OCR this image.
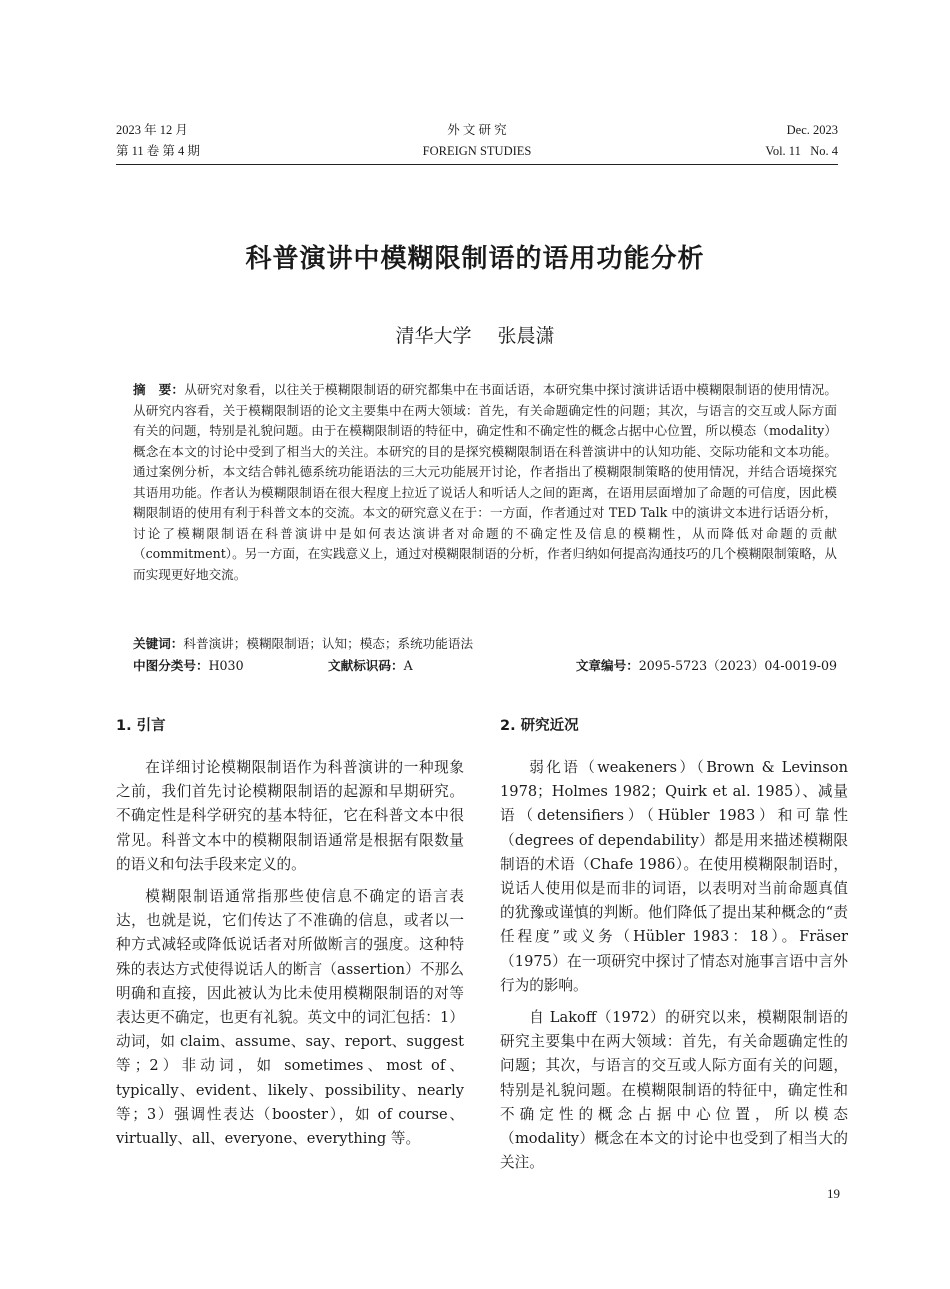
2023 年 12 月
第 11 卷 第 4 期
外 文 研 究
FOREIGN STUDIES
Dec. 2023
Vol. 11   No. 4
科普演讲中模糊限制语的语用功能分析
清华大学 张晨潇
摘　要：从研究对象看，以往关于模糊限制语的研究都集中在书面话语，本研究集中探讨演讲话语中模糊限制语的使用情况。从研究内容看，关于模糊限制语的论文主要集中在两大领域：首先，有关命题确定性的问题；其次，与语言的交互或人际方面有关的问题，特别是礼貌问题。由于在模糊限制语的特征中，确定性和不确定性的概念占据中心位置，所以模态（modality）概念在本文的讨论中受到了相当大的关注。本研究的目的是探究模糊限制语在科普演讲中的认知功能、交际功能和文本功能。通过案例分析，本文结合韩礼德系统功能语法的三大元功能展开讨论，作者指出了模糊限制策略的使用情况，并结合语境探究其语用功能。作者认为模糊限制语在很大程度上拉近了说话人和听话人之间的距离，在语用层面增加了命题的可信度，因此模糊限制语的使用有利于科普文本的交流。本文的研究意义在于：一方面，作者通过对 TED Talk 中的演讲文本进行话语分析，讨论了模糊限制语在科普演讲中是如何表达演讲者对命题的不确定性及信息的模糊性，从而降低对命题的贡献（commitment）。另一方面，在实践意义上，通过对模糊限制语的分析，作者归纳如何提高沟通技巧的几个模糊限制策略，从而实现更好地交流。
关键词：科普演讲；模糊限制语；认知；模态；系统功能语法
中图分类号：H030	文献标识码：A	文章编号：2095-5723（2023）04-0019-09
1. 引言

在详细讨论模糊限制语作为科普演讲的一种现象之前，我们首先讨论模糊限制语的起源和早期研究。不确定性是科学研究的基本特征，它在科普文本中很常见。科普文本中的模糊限制语通常是根据有限数量的语义和句法手段来定义的。

模糊限制语通常指那些使信息不确定的语言表达，也就是说，它们传达了不准确的信息，或者以一种方式减轻或降低说话者对所做断言的强度。这种特殊的表达方式使得说话人的断言（assertion）不那么明确和直接，因此被认为比未使用模糊限制语的对等表达更不确定，也更有礼貌。英文中的词汇包括：1）动词，如 claim、assume、say、report、suggest 等；2）非动词，如 sometimes、most of、typically、evident、likely、possibility、nearly 等；3）强调性表达（booster），如 of course、virtually、all、everyone、everything 等。

2. 研究近况

弱化语（weakeners）（Brown & Levinson 1978；Holmes 1982；Quirk et al. 1985）、减量语（detensifiers）（Hübler 1983）和可靠性（degrees of dependability）都是用来描述模糊限制语的术语（Chafe 1986）。在使用模糊限制语时，说话人使用似是而非的词语，以表明对当前命题真值的犹豫或谨慎的判断。他们降低了提出某种概念的“责任程度”或义务（Hübler 1983：18）。Fräser（1975）在一项研究中探讨了情态对施事言语中言外行为的影响。

自 Lakoff（1972）的研究以来，模糊限制语的研究主要集中在两大领域：首先，有关命题确定性的问题；其次，与语言的交互或人际方面有关的问题，特别是礼貌问题。在模糊限制语的特征中，确定性和不确定性的概念占据中心位置，所以模态（modality）概念在本文的讨论中也受到了相当大的关注。

19
